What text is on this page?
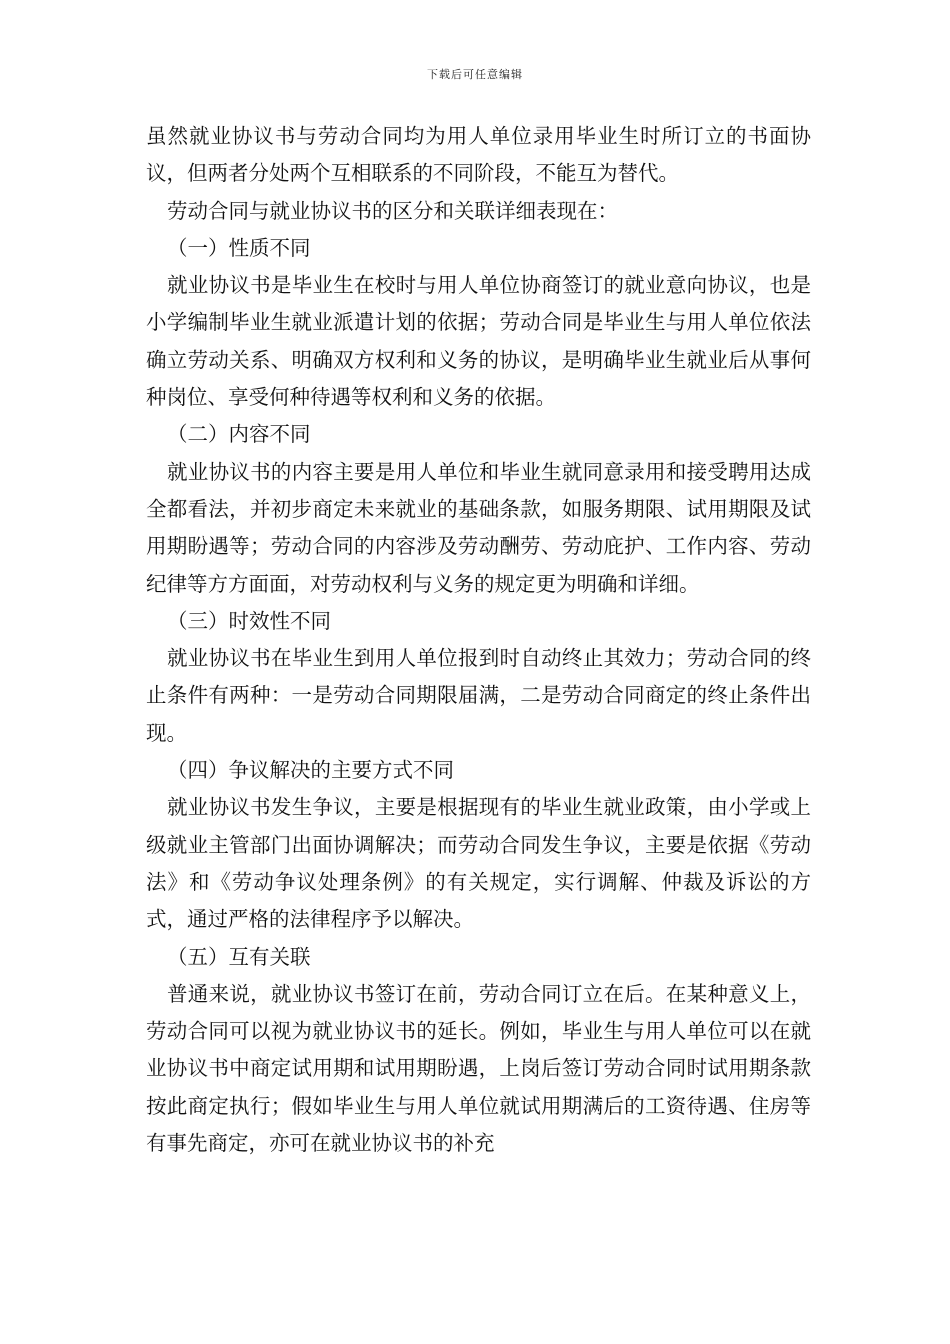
下载后可任意编辑

虽然就业协议书与劳动合同均为用人单位录用毕业生时所订立的书面协议，但两者分处两个互相联系的不同阶段，不能互为替代。

劳动合同与就业协议书的区分和关联详细表现在：

（一）性质不同

就业协议书是毕业生在校时与用人单位协商签订的就业意向协议，也是小学编制毕业生就业派遣计划的依据；劳动合同是毕业生与用人单位依法确立劳动关系、明确双方权利和义务的协议，是明确毕业生就业后从事何种岗位、享受何种待遇等权利和义务的依据。

（二）内容不同

就业协议书的内容主要是用人单位和毕业生就同意录用和接受聘用达成全都看法，并初步商定未来就业的基础条款，如服务期限、试用期限及试用期盼遇等；劳动合同的内容涉及劳动酬劳、劳动庇护、工作内容、劳动纪律等方方面面，对劳动权利与义务的规定更为明确和详细。

（三）时效性不同

就业协议书在毕业生到用人单位报到时自动终止其效力；劳动合同的终止条件有两种：一是劳动合同期限届满，二是劳动合同商定的终止条件出现。

（四）争议解决的主要方式不同

就业协议书发生争议，主要是根据现有的毕业生就业政策，由小学或上级就业主管部门出面协调解决；而劳动合同发生争议，主要是依据《劳动法》和《劳动争议处理条例》的有关规定，实行调解、仲裁及诉讼的方式，通过严格的法律程序予以解决。

（五）互有关联

普通来说，就业协议书签订在前，劳动合同订立在后。在某种意义上，劳动合同可以视为就业协议书的延长。例如，毕业生与用人单位可以在就业协议书中商定试用期和试用期盼遇，上岗后签订劳动合同时试用期条款按此商定执行；假如毕业生与用人单位就试用期满后的工资待遇、住房等有事先商定，亦可在就业协议书的补充
